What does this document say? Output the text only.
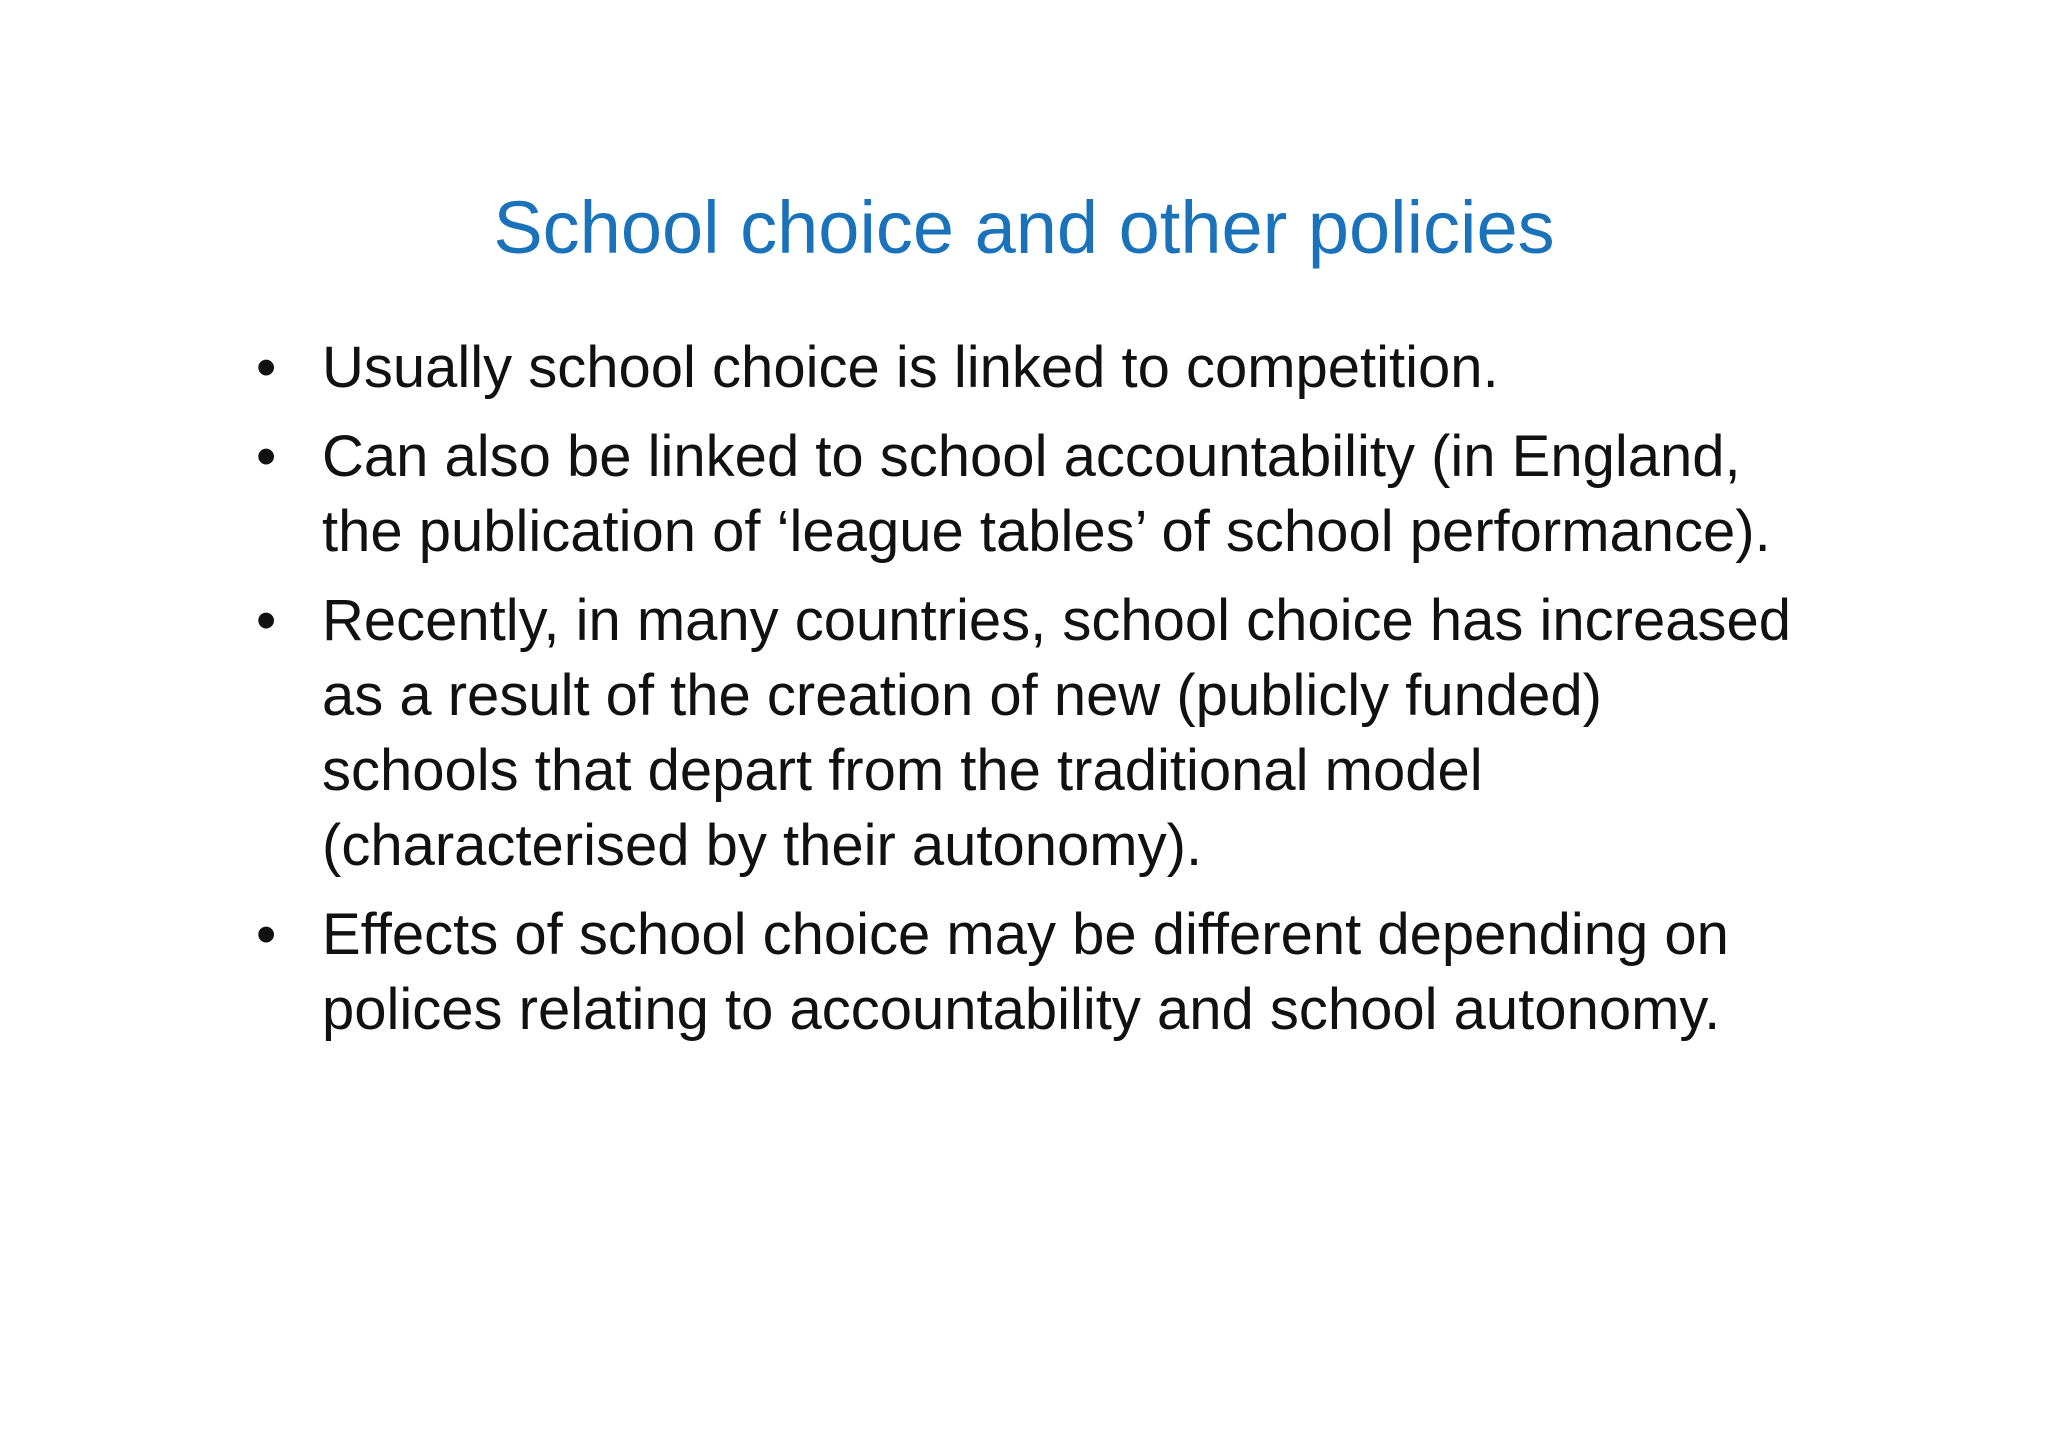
School choice and other policies
• Usually school choice is linked to competition.
• Can also be linked to school accountability (in England, the publication of ‘league tables’ of school performance).
• Recently, in many countries, school choice has increased as a result of the creation of new (publicly funded) schools that depart from the traditional model (characterised by their autonomy).
• Effects of school choice may be different depending on polices relating to accountability and school autonomy.
